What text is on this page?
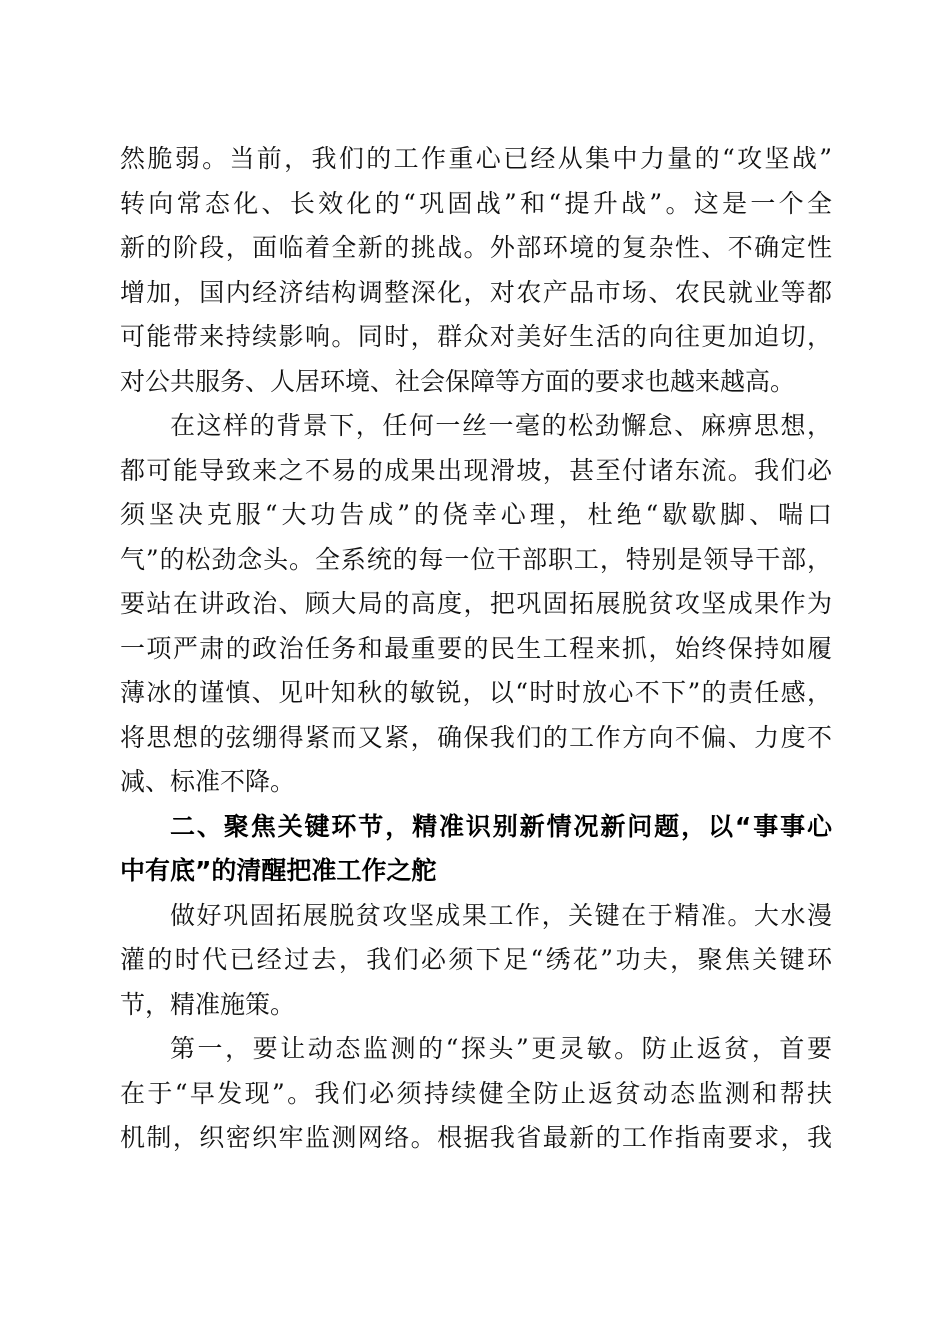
然脆弱。当前，我们的工作重心已经从集中力量的“攻坚战”
转向常态化、长效化的“巩固战”和“提升战”。这是一个全
新的阶段，面临着全新的挑战。外部环境的复杂性、不确定性
增加，国内经济结构调整深化，对农产品市场、农民就业等都
可能带来持续影响。同时，群众对美好生活的向往更加迫切，
对公共服务、人居环境、社会保障等方面的要求也越来越高。
在这样的背景下，任何一丝一毫的松劲懈怠、麻痹思想，
都可能导致来之不易的成果出现滑坡，甚至付诸东流。我们必
须坚决克服“大功告成”的侥幸心理，杜绝“歇歇脚、喘口
气”的松劲念头。全系统的每一位干部职工，特别是领导干部，
要站在讲政治、顾大局的高度，把巩固拓展脱贫攻坚成果作为
一项严肃的政治任务和最重要的民生工程来抓，始终保持如履
薄冰的谨慎、见叶知秋的敏锐，以“时时放心不下”的责任感，
将思想的弦绷得紧而又紧，确保我们的工作方向不偏、力度不
减、标准不降。
二、聚焦关键环节，精准识别新情况新问题，以“事事心
中有底”的清醒把准工作之舵
做好巩固拓展脱贫攻坚成果工作，关键在于精准。大水漫
灌的时代已经过去，我们必须下足“绣花”功夫，聚焦关键环
节，精准施策。
第一，要让动态监测的“探头”更灵敏。防止返贫，首要
在于“早发现”。我们必须持续健全防止返贫动态监测和帮扶
机制，织密织牢监测网络。根据我省最新的工作指南要求，我
